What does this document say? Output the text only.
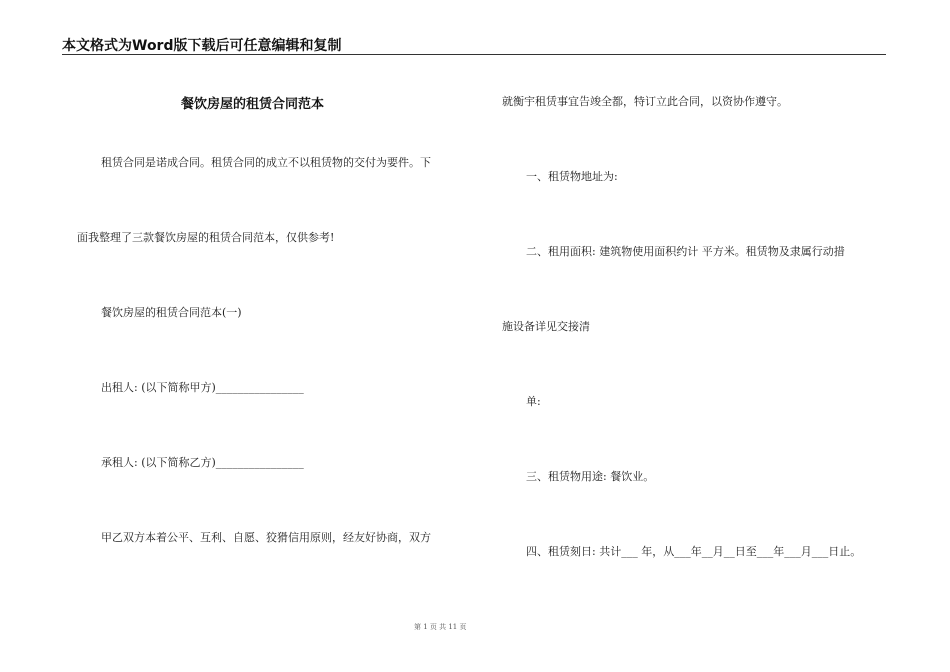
本文格式为Word版下载后可任意编辑和复制
餐饮房屋的租赁合同范本
租赁合同是诺成合同。租赁合同的成立不以租赁物的交付为要件。下
面我整理了三款餐饮房屋的租赁合同范本，仅供参考!
餐饮房屋的租赁合同范本(一)
出租人: (以下简称甲方)________________
承租人: (以下简称乙方)________________
甲乙双方本着公平、互利、自愿、狡猾信用原则，经友好协商，双方
就衡宇租赁事宜告竣全都，特订立此合同，以资协作遵守。
一、租赁物地址为:
二、租用面积: 建筑物使用面积约计 平方米。租赁物及隶属行动措
施设备详见交接清
单:
三、租赁物用途: 餐饮业。
四、租赁刻日: 共计___ 年，从___年__月__日至___年___月___日止。
第 1 页 共 11 页
